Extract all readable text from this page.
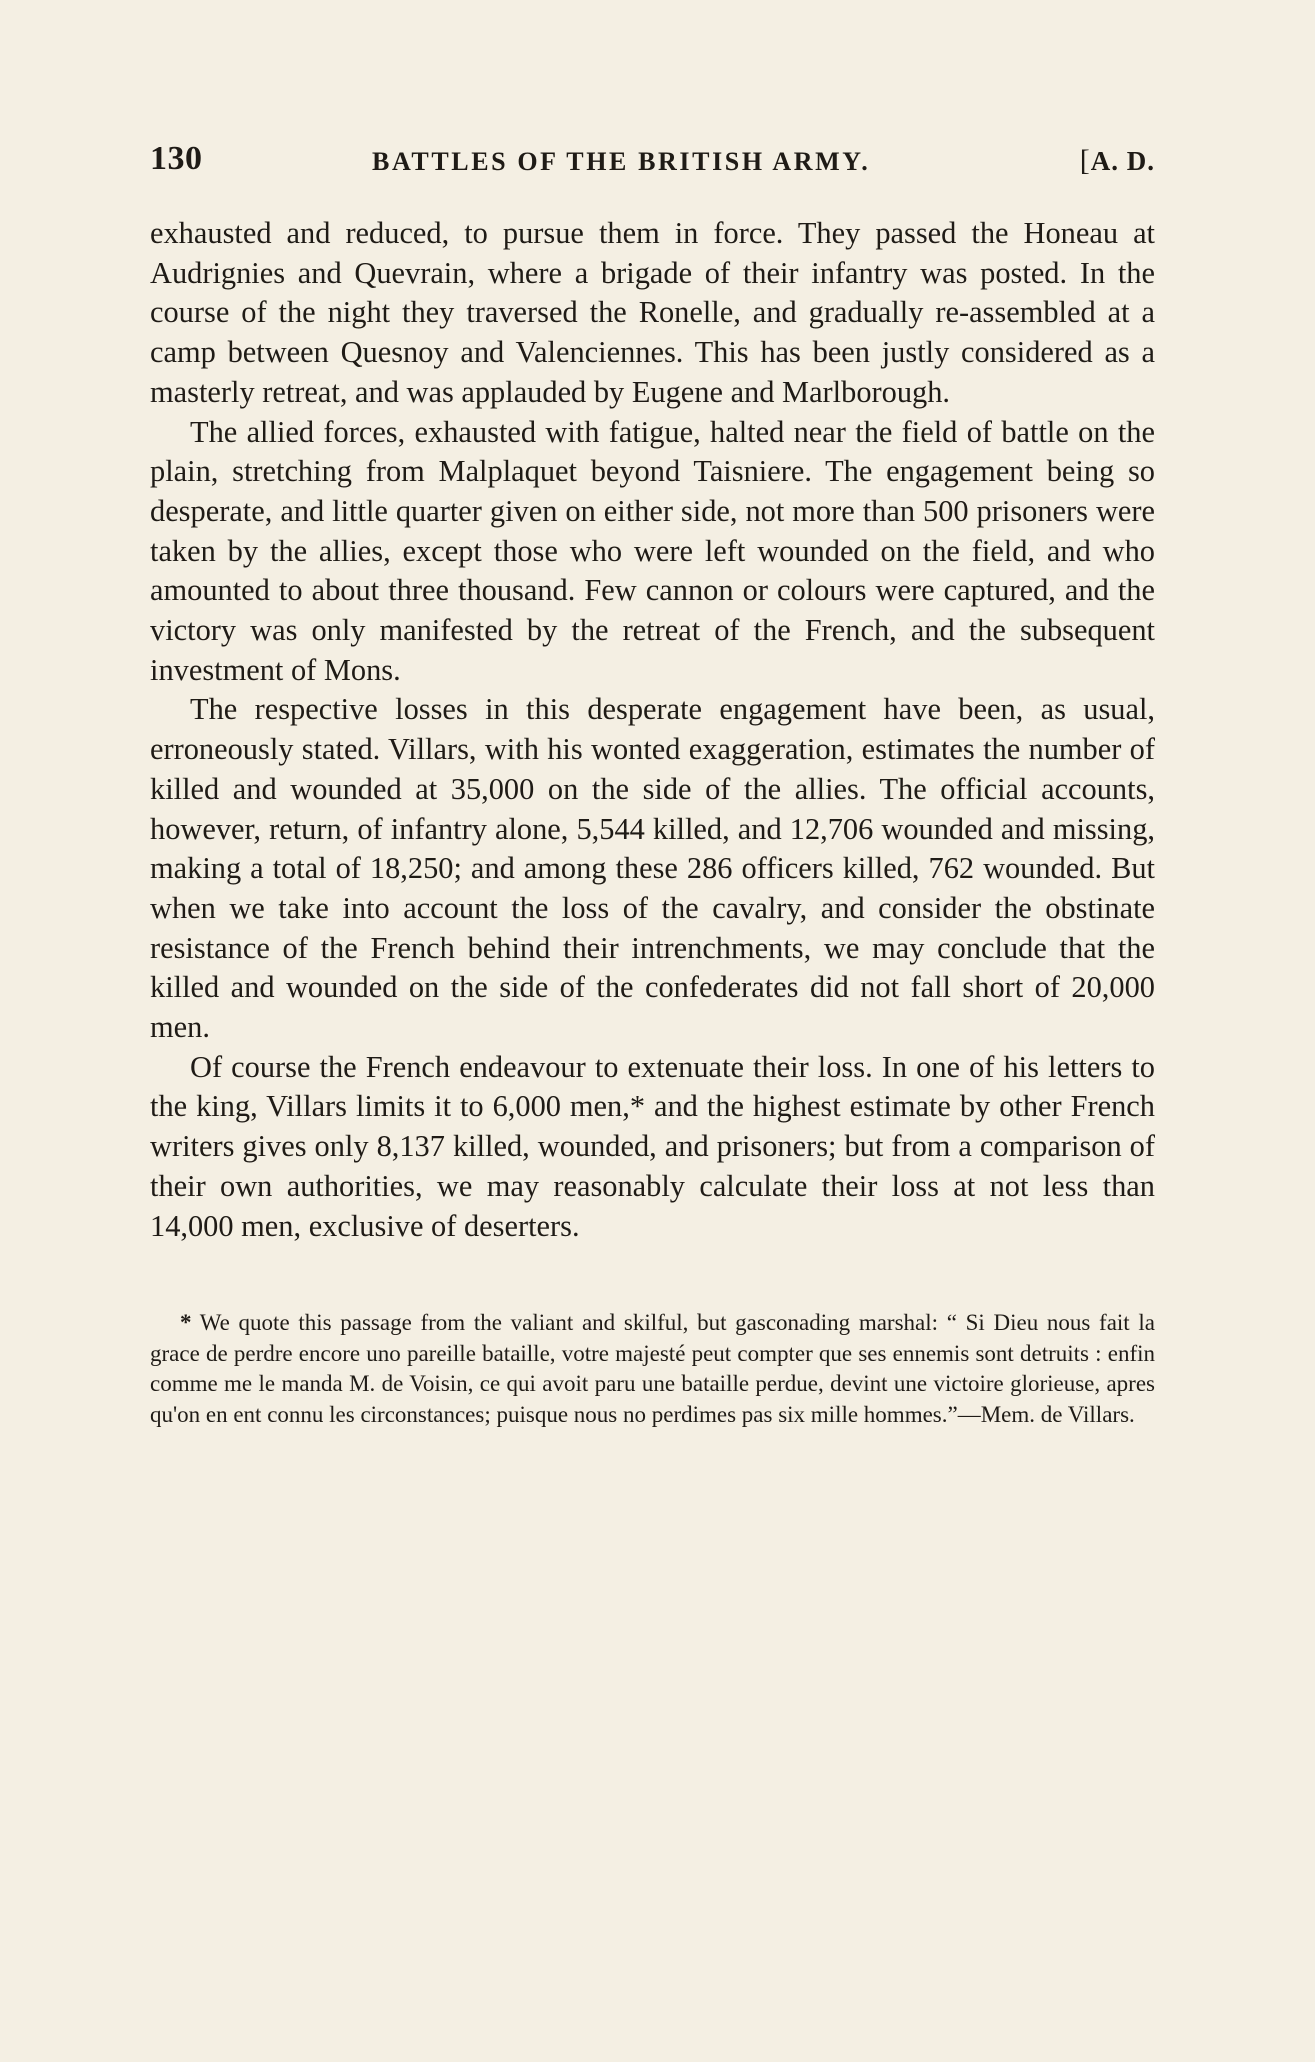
130	BATTLES OF THE BRITISH ARMY.	[A. D.

exhausted and reduced, to pursue them in force. They passed the Honeau at Audrignies and Quevrain, where a brigade of their infantry was posted. In the course of the night they traversed the Ronelle, and gradually re-assembled at a camp between Quesnoy and Valenciennes. This has been justly considered as a masterly retreat, and was applauded by Eugene and Marlborough.

The allied forces, exhausted with fatigue, halted near the field of battle on the plain, stretching from Malplaquet beyond Taisniere. The engagement being so desperate, and little quarter given on either side, not more than 500 prisoners were taken by the allies, except those who were left wounded on the field, and who amounted to about three thousand. Few cannon or colours were captured, and the victory was only manifested by the retreat of the French, and the subsequent investment of Mons.

The respective losses in this desperate engagement have been, as usual, erroneously stated. Villars, with his wonted exaggeration, estimates the number of killed and wounded at 35,000 on the side of the allies. The official accounts, however, return, of infantry alone, 5,544 killed, and 12,706 wounded and missing, making a total of 18,250; and among these 286 officers killed, 762 wounded. But when we take into account the loss of the cavalry, and consider the obstinate resistance of the French behind their intrenchments, we may conclude that the killed and wounded on the side of the confederates did not fall short of 20,000 men.

Of course the French endeavour to extenuate their loss. In one of his letters to the king, Villars limits it to 6,000 men,* and the highest estimate by other French writers gives only 8,137 killed, wounded, and prisoners; but from a comparison of their own authorities, we may reasonably calculate their loss at not less than 14,000 men, exclusive of deserters.

* We quote this passage from the valiant and skilful, but gasconading marshal: “ Si Dieu nous fait la grace de perdre encore uno pareille bataille, votre majesté peut compter que ses ennemis sont detruits : enfin comme me le manda M. de Voisin, ce qui avoit paru une bataille perdue, devint une victoire glorieuse, apres qu'on en ent connu les circonstances; puisque nous no perdimes pas six mille hommes.”—Mem. de Villars.
